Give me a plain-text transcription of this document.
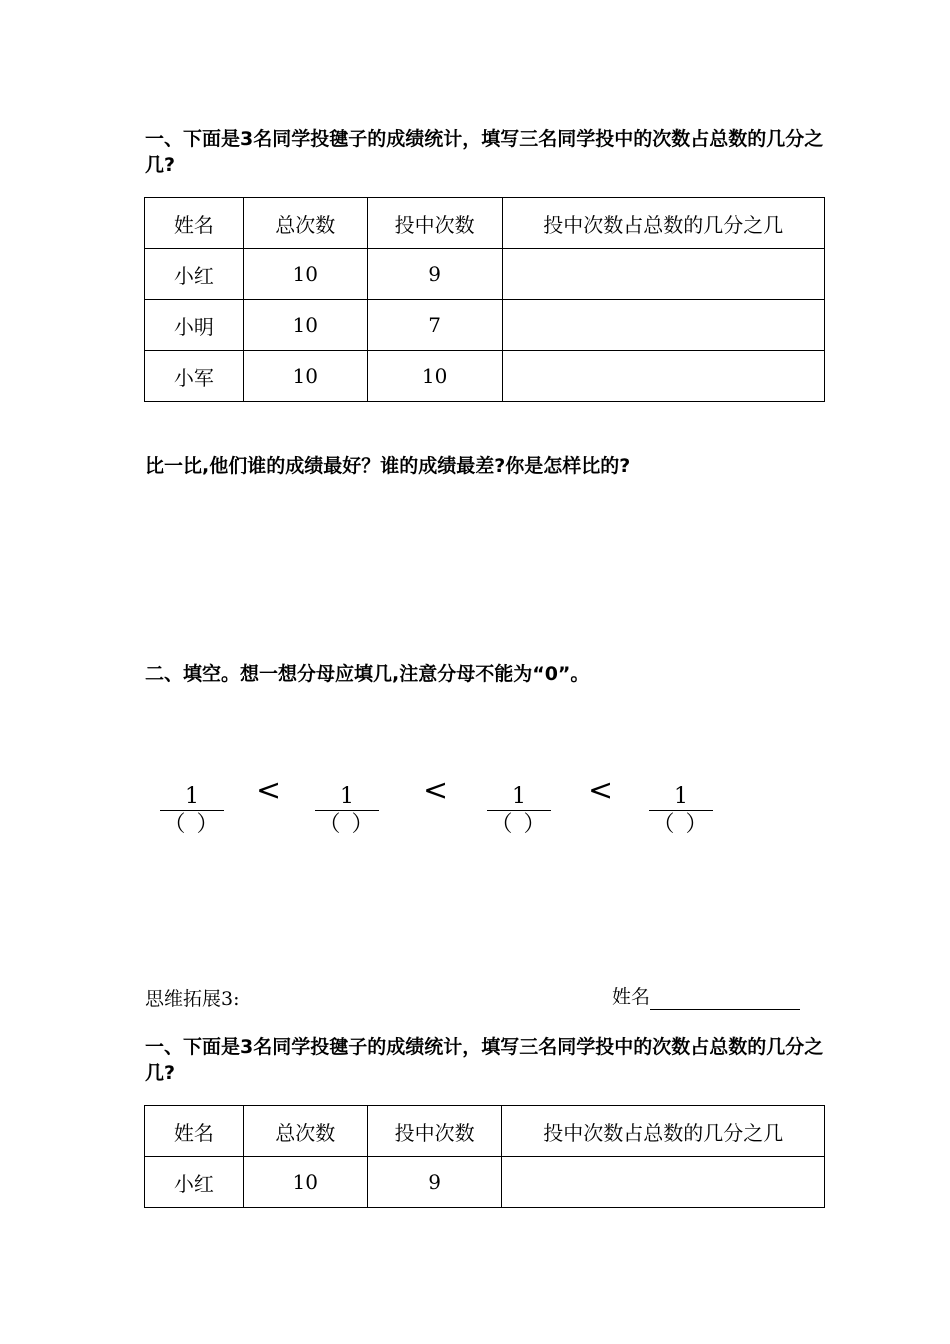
一、下面是3名同学投毽子的成绩统计，填写三名同学投中的次数占总数的几分之几?
姓名	总次数	投中次数	投中次数占总数的几分之几
小红	10	9	
小明	10	7	
小军	10	10	
比一比,他们谁的成绩最好？谁的成绩最差?你是怎样比的?
二、填空。想一想分母应填几,注意分母不能为“0”。
1
（ ）
<	1
（ ）
<	1
（ ）
<	1
（ ）
思维拓展3:	姓名
一、下面是3名同学投毽子的成绩统计，填写三名同学投中的次数占总数的几分之几?
姓名	总次数	投中次数	投中次数占总数的几分之几
小红	10	9	
